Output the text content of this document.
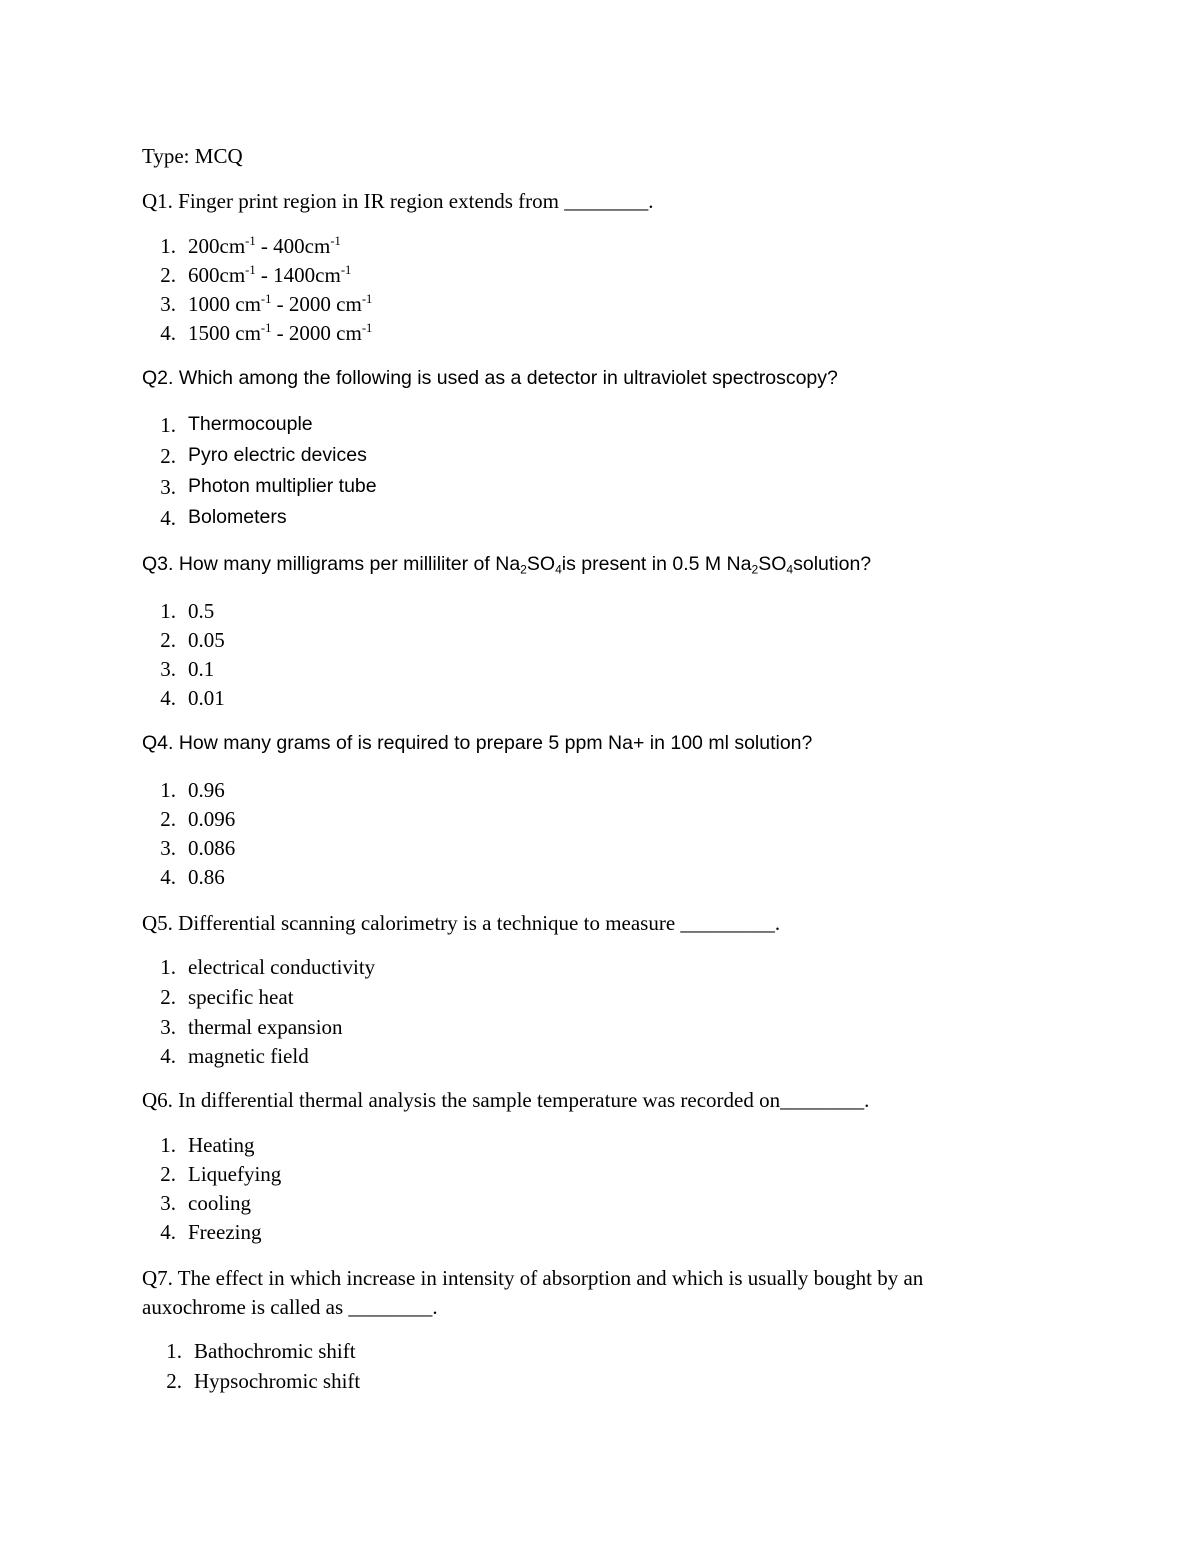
Type: MCQ
Q1. Finger print region in IR region extends from ________.
1. $200cm^{-1} - 400cm^{-1}$
2. $600cm^{-1} - 1400cm^{-1}$
3. 1000 $cm^{-1} - 2000$ $cm^{-1}$
4. 1500 $cm^{-1} - 2000$ $cm^{-1}$
Q2. Which among the following is used as a detector in ultraviolet spectroscopy?
1. Thermocouple
2. Pyro electric devices
3. Photon multiplier tube
4. Bolometers
Q3. How many milligrams per milliliter of $Na_2SO_4is$ present in 0.5 M $Na_2SO_4solution$?
1. 0.5
2. 0.05
3. 0.1
4. 0.01
Q4. How many grams of is required to prepare 5 ppm Na+ in 100 ml solution?
1. 0.96
2. 0.096
3. 0.086
4. 0.86
Q5. Differential scanning calorimetry is a technique to measure _________.
1. electrical conductivity
2. specific heat
3. thermal expansion
4. magnetic field
Q6. In differential thermal analysis the sample temperature was recorded on________.
1. Heating
2. Liquefying
3. cooling
4. Freezing
Q7. The effect in which increase in intensity of absorption and which is usually bought by an
auxochrome is called as ________.
1. Bathochromic shift
2. Hypsochromic shift
